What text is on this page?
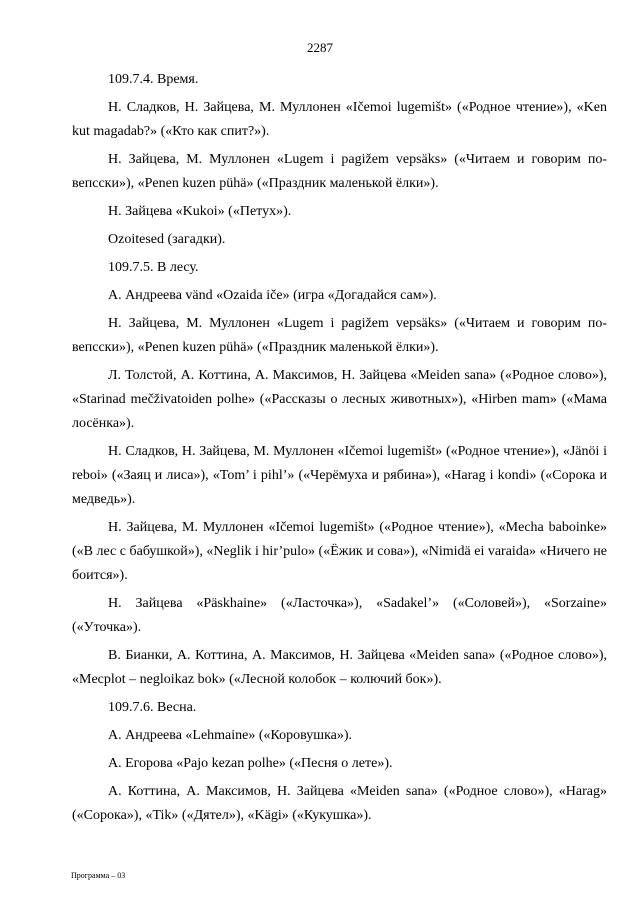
2287

109.7.4. Время.

Н. Сладков, Н. Зайцева, М. Муллонен «Ičemoi lugemišt» («Родное чтение»), «Ken kut magadab?» («Кто как спит?»).

Н. Зайцева, М. Муллонен «Lugem i pagižem vepsäks» («Читаем и говорим по-вепсски»), «Penen kuzen pühä» («Праздник маленькой ёлки»).

Н. Зайцева «Kukoi» («Петух»).

Ozoitesed (загадки).

109.7.5. В лесу.

А. Андреева vänd «Ozaida iče» (игра «Догадайся сам»).

Н. Зайцева, М. Муллонен «Lugem i pagižem vepsäks» («Читаем и говорим по-вепсски»), «Penen kuzen pühä» («Праздник маленькой ёлки»).

Л. Толстой, А. Коттина, А. Максимов, Н. Зайцева «Meiden sana» («Родное слово»), «Starinad mečživatoiden polhe» («Рассказы о лесных животных»), «Hirben mam» («Мама лосёнка»).

Н. Сладков, Н. Зайцева, М. Муллонен «Ičemoi lugemišt» («Родное чтение»), «Jänöi i reboi» («Заяц и лиса»), «Tom’ i pihl’» («Черёмуха и рябина»), «Harag i kondi» («Сорока и медведь»).

Н. Зайцева, М. Муллонен «Ičemoi lugemišt» («Родное чтение»), «Mecha baboinke» («В лес с бабушкой»), «Neglik i hir’pulo» («Ёжик и сова»), «Nimidä ei varaida» «Ничего не боится»).

Н. Зайцева «Päskhaine» («Ласточка»), «Sadakel’» («Соловей»), «Sorzaine» («Уточка»).

В. Бианки, А. Коттина, А. Максимов, Н. Зайцева «Meiden sana» («Родное слово»), «Mecplot – negloikaz bok» («Лесной колобок – колючий бок»).

109.7.6. Весна.

А. Андреева «Lehmaine» («Коровушка»).

А. Егорова «Pajo kezan polhe» («Песня о лете»).

А. Коттина, А. Максимов, Н. Зайцева «Meiden sana» («Родное слово»), «Harag» («Сорока»), «Tik» («Дятел»), «Kägi» («Кукушка»).

Программа – 03
